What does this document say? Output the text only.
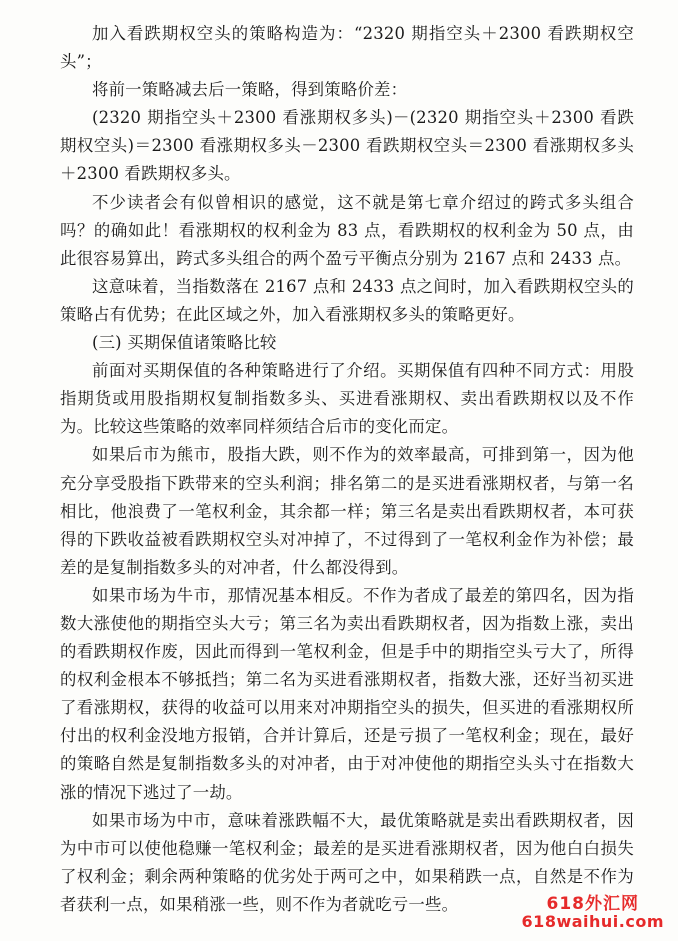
加入看跌期权空头的策略构造为：“2320 期指空头＋2300 看跌期权空头”；

将前一策略减去后一策略，得到策略价差：

(2320 期指空头＋2300 看涨期权多头)－(2320 期指空头＋2300 看跌期权空头)＝2300 看涨期权多头－2300 看跌期权空头＝2300 看涨期权多头＋2300 看跌期权多头。

不少读者会有似曾相识的感觉，这不就是第七章介绍过的跨式多头组合吗？的确如此！看涨期权的权利金为 83 点，看跌期权的权利金为 50 点，由此很容易算出，跨式多头组合的两个盈亏平衡点分别为 2167 点和 2433 点。

这意味着，当指数落在 2167 点和 2433 点之间时，加入看跌期权空头的策略占有优势；在此区域之外，加入看涨期权多头的策略更好。

(三) 买期保值诸策略比较

前面对买期保值的各种策略进行了介绍。买期保值有四种不同方式：用股指期货或用股指期权复制指数多头、买进看涨期权、卖出看跌期权以及不作为。比较这些策略的效率同样须结合后市的变化而定。

如果后市为熊市，股指大跌，则不作为的效率最高，可排到第一，因为他充分享受股指下跌带来的空头利润；排名第二的是买进看涨期权者，与第一名相比，他浪费了一笔权利金，其余都一样；第三名是卖出看跌期权者，本可获得的下跌收益被看跌期权空头对冲掉了，不过得到了一笔权利金作为补偿；最差的是复制指数多头的对冲者，什么都没得到。

如果市场为牛市，那情况基本相反。不作为者成了最差的第四名，因为指数大涨使他的期指空头大亏；第三名为卖出看跌期权者，因为指数上涨，卖出的看跌期权作废，因此而得到一笔权利金，但是手中的期指空头亏大了，所得的权利金根本不够抵挡；第二名为买进看涨期权者，指数大涨，还好当初买进了看涨期权，获得的收益可以用来对冲期指空头的损失，但买进的看涨期权所付出的权利金没地方报销，合并计算后，还是亏损了一笔权利金；现在，最好的策略自然是复制指数多头的对冲者，由于对冲使他的期指空头头寸在指数大涨的情况下逃过了一劫。

如果市场为中市，意味着涨跌幅不大，最优策略就是卖出看跌期权者，因为中市可以使他稳赚一笔权利金；最差的是买进看涨期权者，因为他白白损失了权利金；剩余两种策略的优劣处于两可之中，如果稍跌一点，自然是不作为者获利一点，如果稍涨一些，则不作为者就吃亏一些。	618外汇网
618waihui.com
